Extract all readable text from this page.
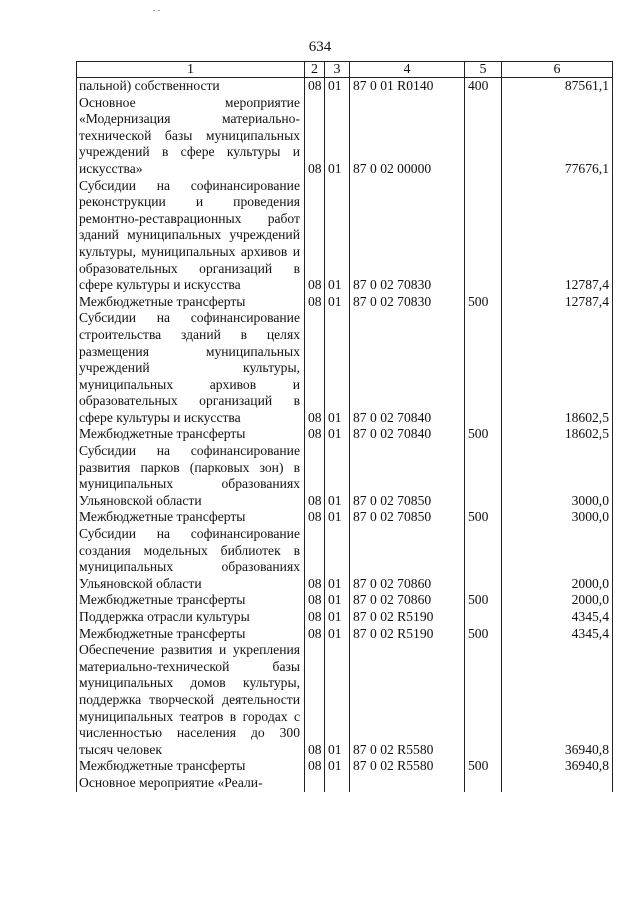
634
1	2	3	4	5	6
пальной) собственности	08	01	87 0 01 R0140	400	87561,1
Основное мероприятие «Модернизация материально-технической базы муниципальных учреждений в сфере культуры и искусства»	08	01	87 0 02 00000		77676,1
Субсидии на софинансирование реконструкции и проведения ремонтно-реставрационных работ зданий муниципальных учреждений культуры, муниципальных архивов и образовательных организаций в сфере культуры и искусства	08	01	87 0 02 70830		12787,4
Межбюджетные трансферты	08	01	87 0 02 70830	500	12787,4
Субсидии на софинансирование строительства зданий в целях размещения муниципальных учреждений культуры, муниципальных архивов и образовательных организаций в сфере культуры и искусства	08	01	87 0 02 70840		18602,5
Межбюджетные трансферты	08	01	87 0 02 70840	500	18602,5
Субсидии на софинансирование развития парков (парковых зон) в муниципальных образованиях Ульяновской области	08	01	87 0 02 70850		3000,0
Межбюджетные трансферты	08	01	87 0 02 70850	500	3000,0
Субсидии на софинансирование создания модельных библиотек в муниципальных образованиях Ульяновской области	08	01	87 0 02 70860		2000,0
Межбюджетные трансферты	08	01	87 0 02 70860	500	2000,0
Поддержка отрасли культуры	08	01	87 0 02 R5190		4345,4
Межбюджетные трансферты	08	01	87 0 02 R5190	500	4345,4
Обеспечение развития и укрепления материально-технической базы муниципальных домов культуры, поддержка творческой деятельности муниципальных театров в городах с численностью населения до 300 тысяч человек	08	01	87 0 02 R5580		36940,8
Межбюджетные трансферты	08	01	87 0 02 R5580	500	36940,8
Основное мероприятие «Реали-					
